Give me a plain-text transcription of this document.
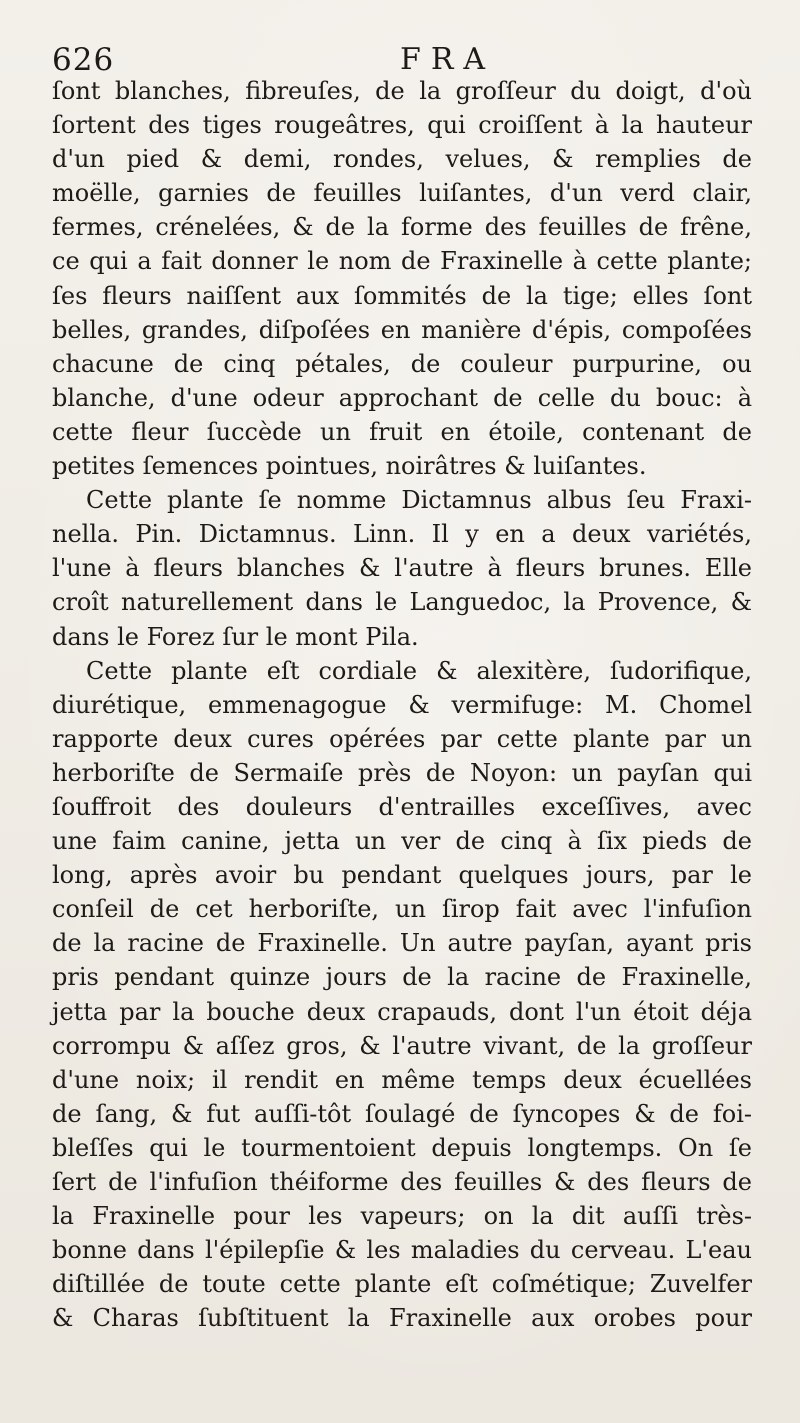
626	FRA
ſont blanches, fibreuſes, de la groſſeur du doigt, d'où
ſortent des tiges rougeâtres, qui croiſſent à la hauteur
d'un pied & demi, rondes, velues, & remplies de
moëlle, garnies de feuilles luiſantes, d'un verd clair,
fermes, crénelées, & de la forme des feuilles de frêne,
ce qui a fait donner le nom de Fraxinelle à cette plante;
ſes fleurs naiſſent aux ſommités de la tige; elles ſont
belles, grandes, diſpoſées en manière d'épis, compoſées
chacune de cinq pétales, de couleur purpurine, ou
blanche, d'une odeur approchant de celle du bouc: à
cette fleur ſuccède un fruit en étoile, contenant de
petites ſemences pointues, noirâtres & luiſantes.
Cette plante ſe nomme Dictamnus albus ſeu Fraxi-
nella. Pin. Dictamnus. Linn. Il y en a deux variétés,
l'une à fleurs blanches & l'autre à fleurs brunes. Elle
croît naturellement dans le Languedoc, la Provence, &
dans le Forez ſur le mont Pila.
Cette plante eſt cordiale & alexitère, ſudorifique,
diurétique, emmenagogue & vermifuge: M. Chomel
rapporte deux cures opérées par cette plante par un
herboriſte de Sermaiſe près de Noyon: un payſan qui
ſouffroit des douleurs d'entrailles exceſſives, avec
une faim canine, jetta un ver de cinq à ſix pieds de
long, après avoir bu pendant quelques jours, par le
conſeil de cet herboriſte, un ſirop fait avec l'infuſion
de la racine de Fraxinelle. Un autre payſan, ayant pris
pris pendant quinze jours de la racine de Fraxinelle,
jetta par la bouche deux crapauds, dont l'un étoit déja
corrompu & aſſez gros, & l'autre vivant, de la groſſeur
d'une noix; il rendit en même temps deux écuellées
de ſang, & fut auſſi-tôt ſoulagé de ſyncopes & de foi-
bleſſes qui le tourmentoient depuis longtemps. On ſe
ſert de l'infuſion théiforme des feuilles & des fleurs de
la Fraxinelle pour les vapeurs; on la dit auſſi très-
bonne dans l'épilepſie & les maladies du cerveau. L'eau
diſtillée de toute cette plante eſt coſmétique; Zuvelfer
& Charas ſubſtituent la Fraxinelle aux orobes pour
